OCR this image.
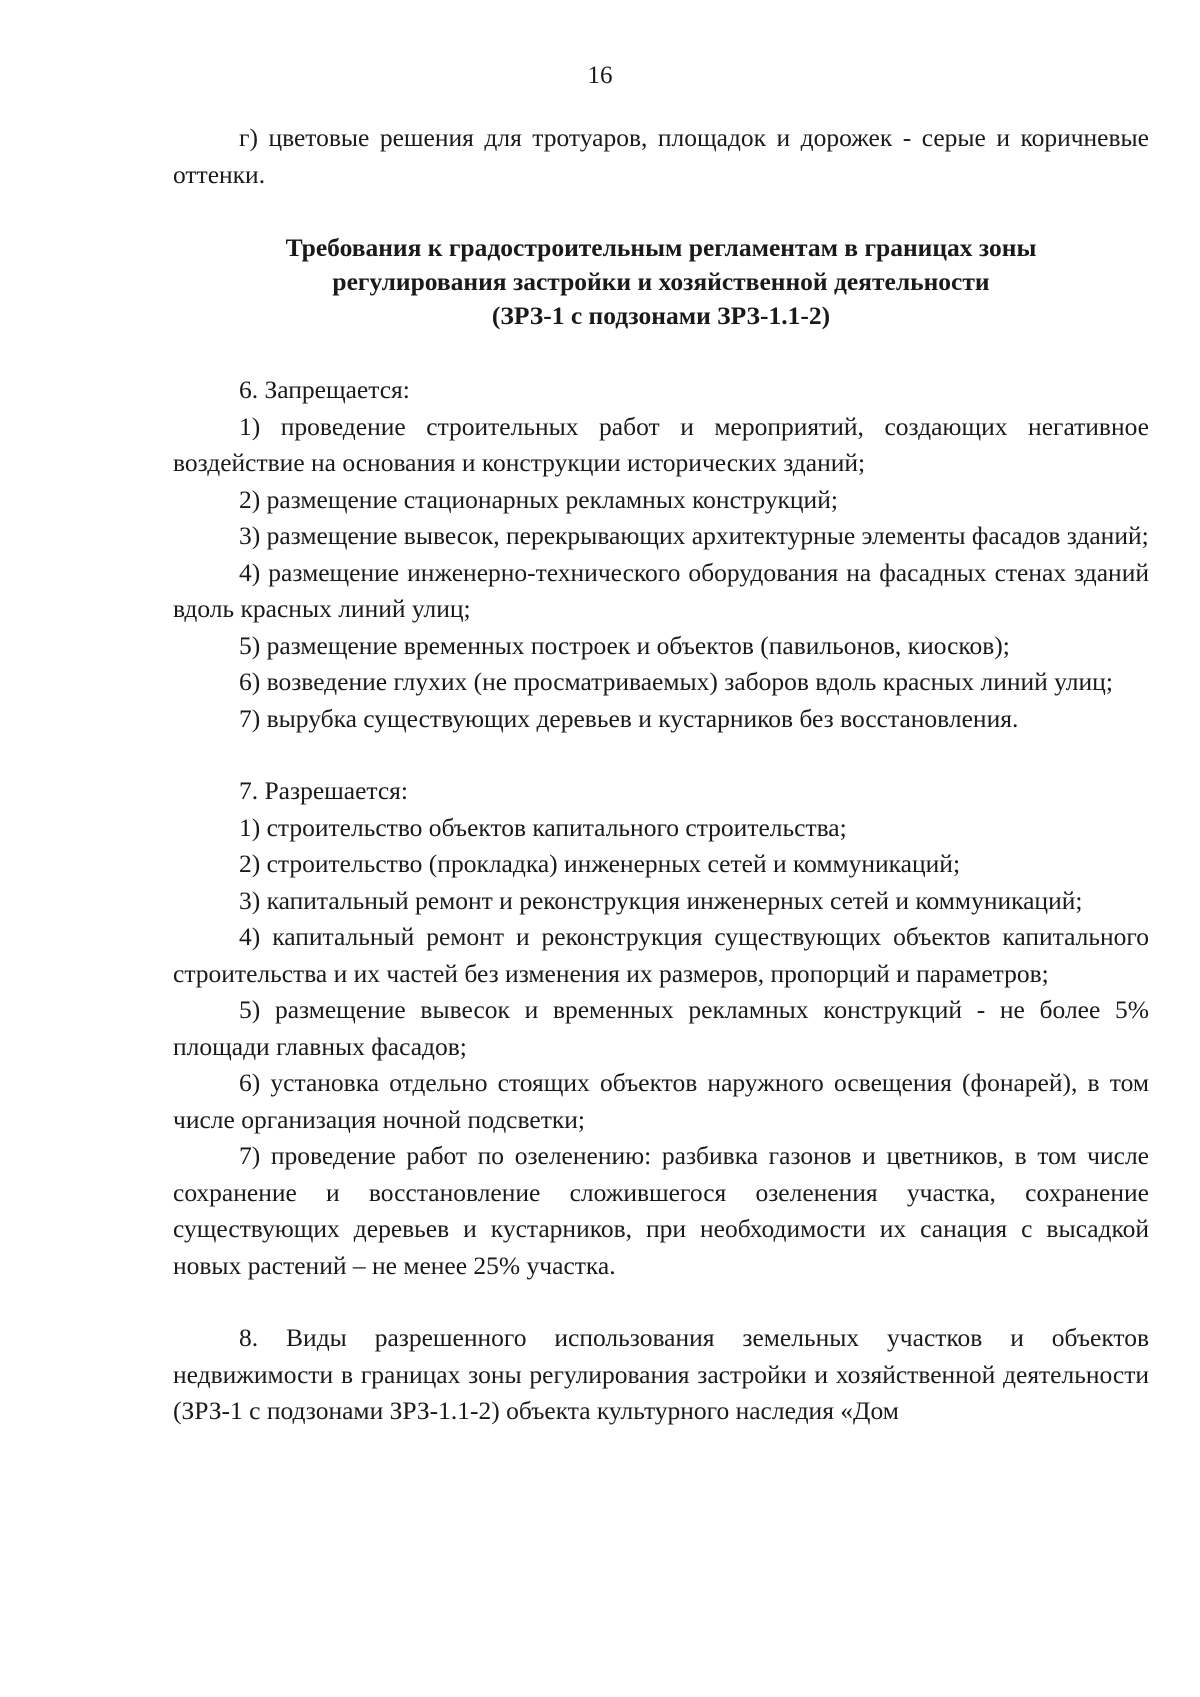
16

г) цветовые решения для тротуаров, площадок и дорожек - серые и коричневые оттенки.

Требования к градостроительным регламентам в границах зоны
регулирования застройки и хозяйственной деятельности
(ЗРЗ-1 с подзонами ЗРЗ-1.1-2)

6. Запрещается:

1) проведение строительных работ и мероприятий, создающих негативное воздействие на основания и конструкции исторических зданий;

2) размещение стационарных рекламных конструкций;

3) размещение вывесок, перекрывающих архитектурные элементы фасадов зданий;

4) размещение инженерно-технического оборудования на фасадных стенах зданий вдоль красных линий улиц;

5) размещение временных построек и объектов (павильонов, киосков);

6) возведение глухих (не просматриваемых) заборов вдоль красных линий улиц;

7) вырубка существующих деревьев и кустарников без восстановления.

7. Разрешается:

1) строительство объектов капитального строительства;

2) строительство (прокладка) инженерных сетей и коммуникаций;

3) капитальный ремонт и реконструкция инженерных сетей и коммуникаций;

4) капитальный ремонт и реконструкция существующих объектов капитального строительства и их частей без изменения их размеров, пропорций и параметров;

5) размещение вывесок и временных рекламных конструкций - не более 5% площади главных фасадов;

6) установка отдельно стоящих объектов наружного освещения (фонарей), в том числе организация ночной подсветки;

7) проведение работ по озеленению: разбивка газонов и цветников, в том числе сохранение и восстановление сложившегося озеленения участка, сохранение существующих деревьев и кустарников, при необходимости их санация с высадкой новых растений – не менее 25% участка.

8. Виды разрешенного использования земельных участков и объектов недвижимости в границах зоны регулирования застройки и хозяйственной деятельности (ЗРЗ-1 с подзонами ЗРЗ-1.1-2) объекта культурного наследия «Дом
